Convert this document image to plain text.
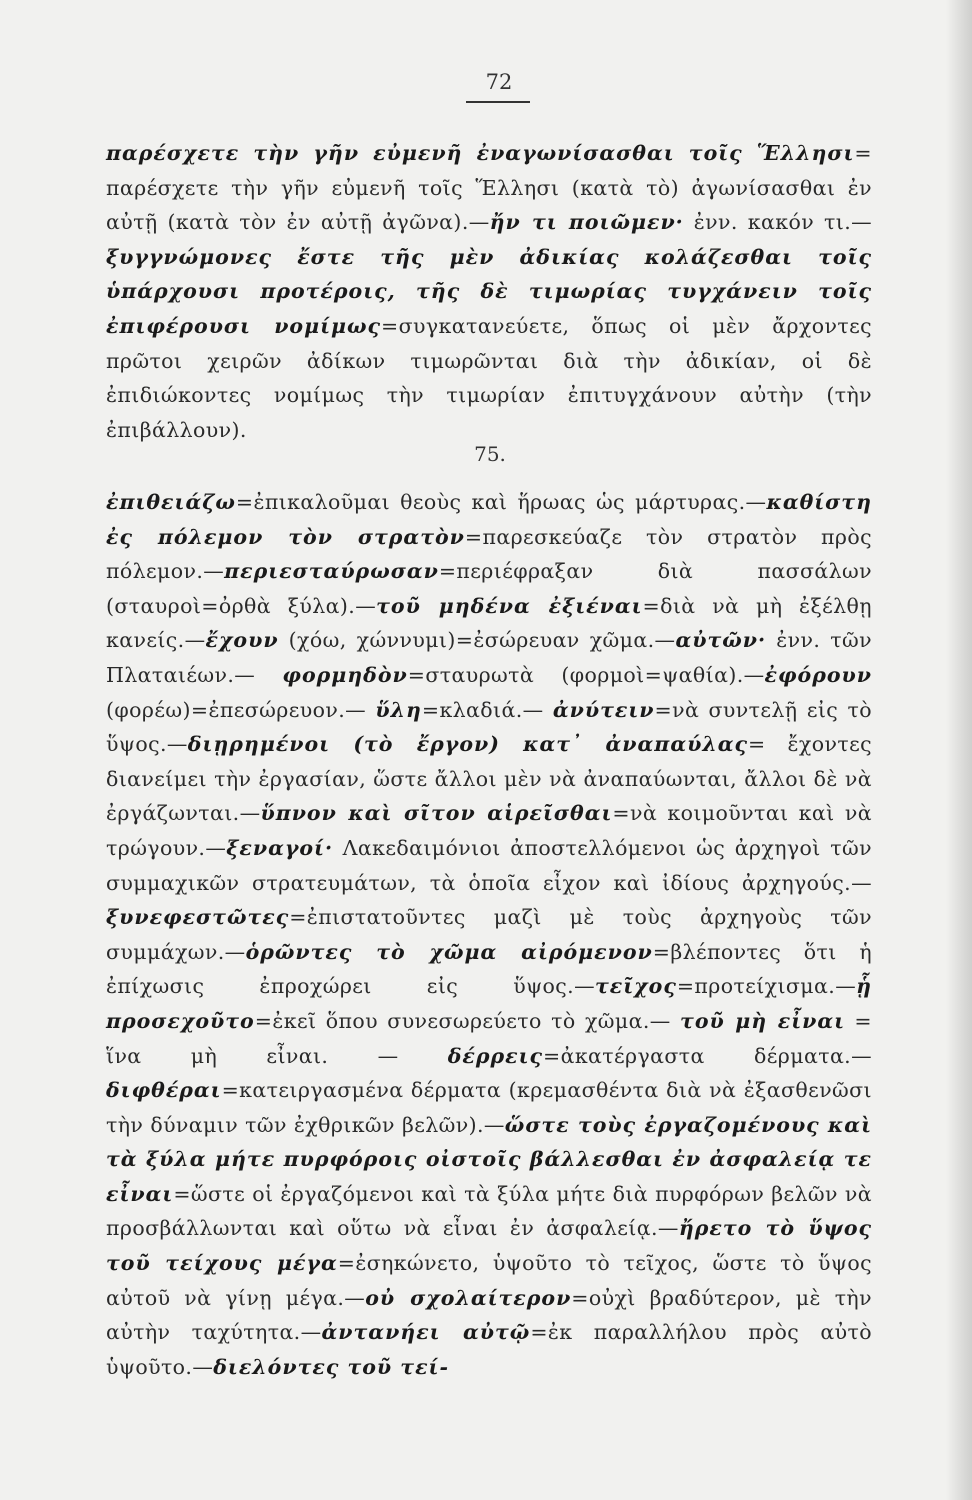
72
παρέσχετε τὴν γῆν εὐμενῆ ἐναγωνίσασθαι τοῖς Ἕλλησι= παρέσχετε τὴν γῆν εὐμενῆ τοῖς Ἕλλησι (κατὰ τὸ) ἀγωνίσασθαι ἐν αὐτῇ (κατὰ τὸν ἐν αὐτῇ ἀγῶνα).—ἤν τι ποιῶμεν· ἐνν. κακόν τι.—ξυγγνώμονες ἔστε τῆς μὲν ἀδικίας κολάζεσθαι τοῖς ὑπάρχουσι προτέροις, τῆς δὲ τιμωρίας τυγχάνειν τοῖς ἐπιφέρουσι νομίμως=συγκατανεύετε, ὅπως οἱ μὲν ἄρχοντες πρῶτοι χειρῶν ἀδίκων τιμωρῶνται διὰ τὴν ἀδικίαν, οἱ δὲ ἐπιδιώκοντες νομίμως τὴν τιμωρίαν ἐπιτυγχάνουν αὐτὴν (τὴν ἐπιβάλλουν).
75.
ἐπιθειάζω=ἐπικαλοῦμαι θεοὺς καὶ ἥρωας ὡς μάρτυρας.—καθίστη ἐς πόλεμον τὸν στρατὸν=παρεσκεύαζε τὸν στρατὸν πρὸς πόλεμον.—περιεσταύρωσαν=περιέφραξαν διὰ πασσάλων (σταυροὶ=ὀρθὰ ξύλα).—τοῦ μηδένα ἐξιέναι=διὰ νὰ μὴ ἐξέλθῃ κανείς.—ἔχουν (χόω, χώννυμι)=ἐσώρευαν χῶμα.—αὐτῶν· ἐνν. τῶν Πλαταιέων.— φορμηδὸν=σταυρωτὰ (φορμοὶ=ψαθία).—ἐφόρουν (φορέω)=ἐπεσώρευον.— ὕλη=κλαδιά.— ἀνύτειν=νὰ συντελῇ εἰς τὸ ὕψος.—διῃρημένοι (τὸ ἔργον) κατ᾽ ἀναπαύλας= ἔχοντες διανείμει τὴν ἐργασίαν, ὥστε ἄλλοι μὲν νὰ ἀναπαύωνται, ἄλλοι δὲ νὰ ἐργάζωνται.—ὕπνον καὶ σῖτον αἱρεῖσθαι=νὰ κοιμοῦνται καὶ νὰ τρώγουν.—ξεναγοί· Λακεδαιμόνιοι ἀποστελλόμενοι ὡς ἀρχηγοὶ τῶν συμμαχικῶν στρατευμάτων, τὰ ὁποῖα εἶχον καὶ ἰδίους ἀρχηγούς.—ξυνεφεστῶτες=ἐπιστατοῦντες μαζὶ μὲ τοὺς ἀρχηγοὺς τῶν συμμάχων.—ὁρῶντες τὸ χῶμα αἰρόμενον=βλέποντες ὅτι ἡ ἐπίχωσις ἐπροχώρει εἰς ὕψος.—τεῖχος=προτείχισμα.—ᾗ προσεχοῦτο=ἐκεῖ ὅπου συνεσωρεύετο τὸ χῶμα.— τοῦ μὴ εἶναι = ἵνα μὴ εἶναι. — δέρρεις=ἀκατέργαστα δέρματα.—διφθέραι=κατειργασμένα δέρματα (κρεμασθέντα διὰ νὰ ἐξασθενῶσι τὴν δύναμιν τῶν ἐχθρικῶν βελῶν).—ὥστε τοὺς ἐργαζομένους καὶ τὰ ξύλα μήτε πυρφόροις οἰστοῖς βάλλεσθαι ἐν ἀσφαλείᾳ τε εἶναι=ὥστε οἱ ἐργαζόμενοι καὶ τὰ ξύλα μήτε διὰ πυρφόρων βελῶν νὰ προσβάλλωνται καὶ οὕτω νὰ εἶναι ἐν ἀσφαλείᾳ.—ἤρετο τὸ ὕψος τοῦ τείχους μέγα=ἐσηκώνετο, ὑψοῦτο τὸ τεῖχος, ὥστε τὸ ὕψος αὐτοῦ νὰ γίνῃ μέγα.—οὐ σχολαίτερον=οὐχὶ βραδύτερον, μὲ τὴν αὐτὴν ταχύτητα.—ἀντανήει αὐτῷ=ἐκ παραλλήλου πρὸς αὐτὸ ὑψοῦτο.—διελόντες τοῦ τεί-
